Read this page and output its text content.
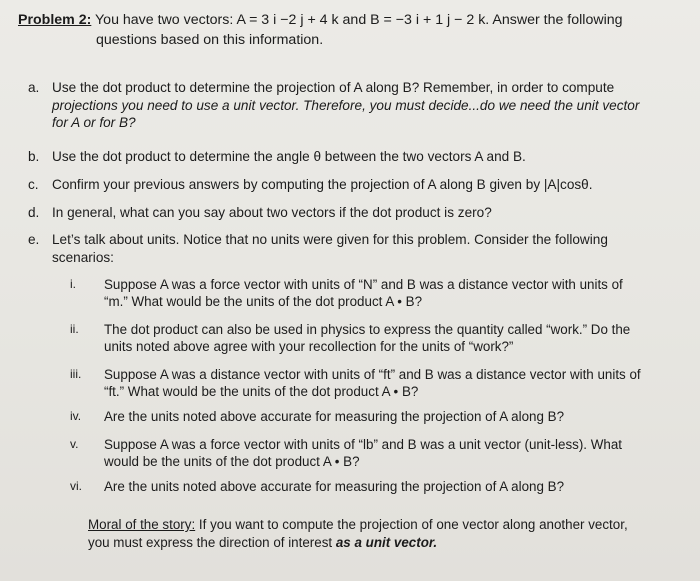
Problem 2: You have two vectors: A = 3 i −2 j + 4 k and B = −3 i + 1 j − 2 k. Answer the following
questions based on this information.
a. Use the dot product to determine the projection of A along B? Remember, in order to compute
projections you need to use a unit vector. Therefore, you must decide...do we need the unit vector
for A or for B?
b. Use the dot product to determine the angle θ between the two vectors A and B.
c. Confirm your previous answers by computing the projection of A along B given by |A|cosθ.
d. In general, what can you say about two vectors if the dot product is zero?
e. Let’s talk about units. Notice that no units were given for this problem. Consider the following
scenarios:
i. Suppose A was a force vector with units of “N” and B was a distance vector with units of
“m.” What would be the units of the dot product A • B?
ii. The dot product can also be used in physics to express the quantity called “work.” Do the
units noted above agree with your recollection for the units of “work?”
iii. Suppose A was a distance vector with units of “ft” and B was a distance vector with units of
“ft.” What would be the units of the dot product A • B?
iv. Are the units noted above accurate for measuring the projection of A along B?
v. Suppose A was a force vector with units of “lb” and B was a unit vector (unit-less). What
would be the units of the dot product A • B?
vi. Are the units noted above accurate for measuring the projection of A along B?
Moral of the story: If you want to compute the projection of one vector along another vector,
you must express the direction of interest as a unit vector.
